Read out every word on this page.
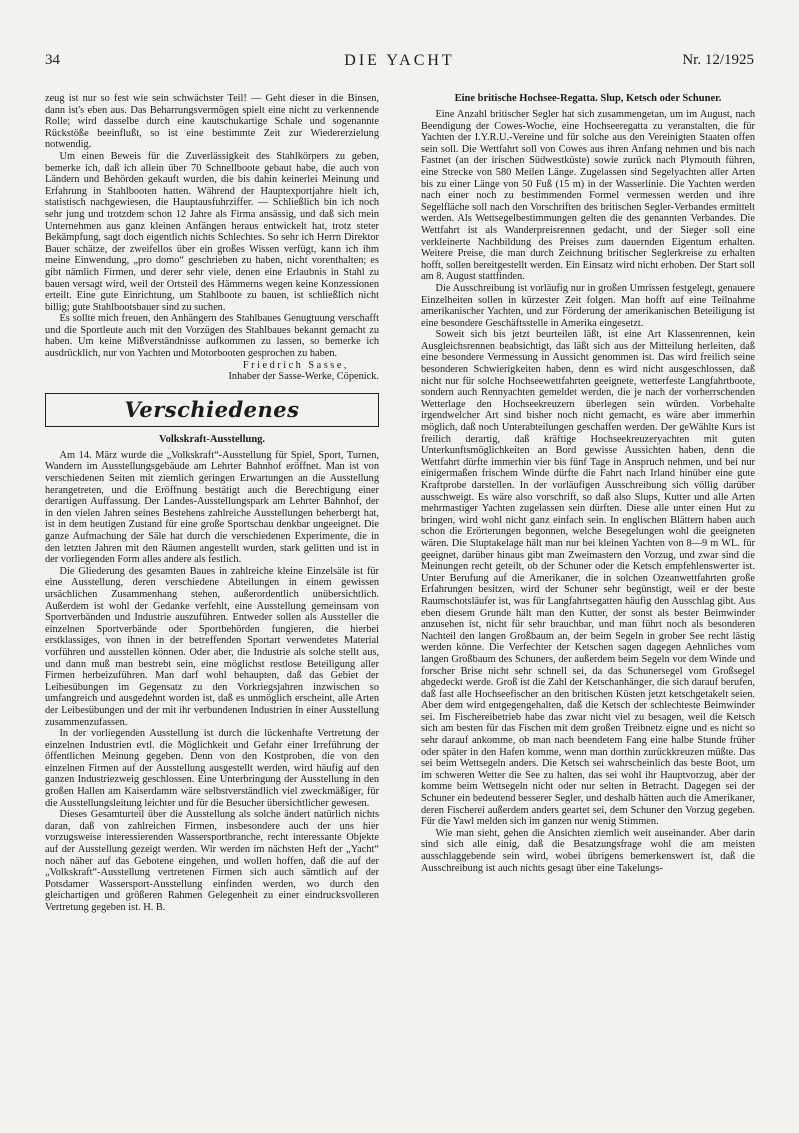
34	DIE YACHT	Nr. 12/1925

zeug ist nur so fest wie sein schwächster Teil! — Geht dieser in die Binsen, dann ist's eben aus. Das Beharrungsvermögen spielt eine nicht zu verkennende Rolle; wird dasselbe durch eine kautschukartige Schale und sogenannte Rückstöße beeinflußt, so ist eine bestimmte Zeit zur Wiedererzielung notwendig.

Um einen Beweis für die Zuverlässigkeit des Stahlkörpers zu geben, bemerke ich, daß ich allein über 70 Schnellboote gebaut habe, die auch von Ländern und Behörden gekauft wurden, die bis dahin keinerlei Meinung und Erfahrung in Stahlbooten hatten. Während der Hauptexportjahre hielt ich, statistisch nachgewiesen, die Hauptausfuhrziffer. — Schließlich bin ich noch sehr jung und trotzdem schon 12 Jahre als Firma ansässig, und daß sich mein Unternehmen aus ganz kleinen Anfängen heraus entwickelt hat, trotz steter Bekämpfung, sagt doch eigentlich nichts Schlechtes. So sehr ich Herrn Direktor Bauer schätze, der zweifellos über ein großes Wissen verfügt, kann ich ihm meine Einwendung, „pro domo“ geschrieben zu haben, nicht vorenthalten; es gibt nämlich Firmen, und derer sehr viele, denen eine Erlaubnis in Stahl zu bauen versagt wird, weil der Ortsteil des Hämmerns wegen keine Konzessionen erteilt. Eine gute Einrichtung, um Stahlboote zu bauen, ist schließlich nicht billig; gute Stahlbootsbauer sind zu suchen.

Es sollte mich freuen, den Anhängern des Stahlbaues Genugtuung verschafft und die Sportleute auch mit den Vorzügen des Stahlbaues bekannt gemacht zu haben. Um keine Mißverständnisse aufkommen zu lassen, so bemerke ich ausdrücklich, nur von Yachten und Motorbooten gesprochen zu haben.

Friedrich Sasse,
Inhaber der Sasse-Werke, Cöpenick.
Verschiedenes
Volkskraft-Ausstellung.

Am 14. März wurde die „Volkskraft“-Ausstellung für Spiel, Sport, Turnen, Wandern im Ausstellungsgebäude am Lehrter Bahnhof eröffnet. Man ist von verschiedenen Seiten mit ziemlich geringen Erwartungen an die Ausstellung herangetreten, und die Eröffnung bestätigt auch die Berechtigung einer derartigen Auffassung. Der Landes-Ausstellungspark am Lehrter Bahnhof, der in den vielen Jahren seines Bestehens zahlreiche Ausstellungen beherbergt hat, ist in dem heutigen Zustand für eine große Sportschau denkbar ungeeignet. Die ganze Aufmachung der Säle hat durch die verschiedenen Experimente, die in den letzten Jahren mit den Räumen angestellt wurden, stark gelitten und ist in der vorliegenden Form alles andere als festlich.

Die Gliederung des gesamten Baues in zahlreiche kleine Einzelsäle ist für eine Ausstellung, deren verschiedene Abteilungen in einem gewissen ursächlichen Zusammenhang stehen, außerordentlich unübersichtlich. Außerdem ist wohl der Gedanke verfehlt, eine Ausstellung gemeinsam von Sportverbänden und Industrie auszuführen. Entweder sollen als Aussteller die einzelnen Sportverbände oder Sportbehörden fungieren, die hierbei erstklassiges, von ihnen in der betreffenden Sportart verwendetes Material vorführen und ausstellen können. Oder aber, die Industrie als solche stellt aus, und dann muß man bestrebt sein, eine möglichst restlose Beteiligung aller Firmen herbeizuführen. Man darf wohl behaupten, daß das Gebiet der Leibesübungen im Gegensatz zu den Vorkriegsjahren inzwischen so umfangreich und ausgedehnt worden ist, daß es unmöglich erscheint, alle Arten der Leibesübungen und der mit ihr verbundenen Industrien in einer Ausstellung zusammenzufassen.

In der vorliegenden Ausstellung ist durch die lückenhafte Vertretung der einzelnen Industrien evtl. die Möglichkeit und Gefahr einer Irreführung der öffentlichen Meinung gegeben. Denn von den Kostproben, die von den einzelnen Firmen auf der Ausstellung ausgestellt werden, wird häufig auf den ganzen Industriezweig geschlossen. Eine Unterbringung der Ausstellung in den großen Hallen am Kaiserdamm wäre selbstverständlich viel zweckmäßiger, für die Ausstellungsleitung leichter und für die Besucher übersichtlicher gewesen.

Dieses Gesamturteil über die Ausstellung als solche ändert natürlich nichts daran, daß von zahlreichen Firmen, insbesondere auch der uns hier vorzugsweise interessierenden Wassersportbranche, recht interessante Objekte auf der Ausstellung gezeigt werden. Wir werden im nächsten Heft der „Yacht“ noch näher auf das Gebotene eingehen, und wollen hoffen, daß die auf der „Volkskraft“-Ausstellung vertretenen Firmen sich auch sämtlich auf der Potsdamer Wassersport-Ausstellung einfinden werden, wo durch den gleichartigen und größeren Rahmen Gelegenheit zu einer eindrucksvolleren Vertretung gegeben ist. H. B.

Eine britische Hochsee-Regatta. Slup, Ketsch oder Schuner.

Eine Anzahl britischer Segler hat sich zusammengetan, um im August, nach Beendigung der Cowes-Woche, eine Hochseeregatta zu veranstalten, die für Yachten der I.Y.R.U.-Vereine und für solche aus den Vereinigten Staaten offen sein soll. Die Wettfahrt soll von Cowes aus ihren Anfang nehmen und bis nach Fastnet (an der irischen Südwestküste) sowie zurück nach Plymouth führen, eine Strecke von 580 Meilen Länge. Zugelassen sind Segelyachten aller Arten bis zu einer Länge von 50 Fuß (15 m) in der Wasserlinie. Die Yachten werden nach einer noch zu bestimmenden Formel vermessen werden und ihre Segelfläche soll nach den Vorschriften des britischen Segler-Verbandes ermittelt werden. Als Wettsegelbestimmungen gelten die des genannten Verbandes. Die Wettfahrt ist als Wanderpreisrennen gedacht, und der Sieger soll eine verkleinerte Nachbildung des Preises zum dauernden Eigentum erhalten. Weitere Preise, die man durch Zeichnung britischer Seglerkreise zu erhalten hofft, sollen bereitgestellt werden. Ein Einsatz wird nicht erhoben. Der Start soll am 8. August stattfinden.

Die Ausschreibung ist vorläufig nur in großen Umrissen festgelegt, genauere Einzelheiten sollen in kürzester Zeit folgen. Man hofft auf eine Teilnahme amerikanischer Yachten, und zur Förderung der amerikanischen Beteiligung ist eine besondere Geschäftsstelle in Amerika eingesetzt.

Soweit sich bis jetzt beurteilen läßt, ist eine Art Klassenrennen, kein Ausgleichsrennen beabsichtigt, das läßt sich aus der Mitteilung herleiten, daß eine besondere Vermessung in Aussicht genommen ist. Das wird freilich seine besonderen Schwierigkeiten haben, denn es wird nicht ausgeschlossen, daß nicht nur für solche Hochseewettfahrten geeignete, wetterfeste Langfahrtboote, sondern auch Rennyachten gemeldet werden, die je nach der vorherrschenden Wetterlage den Hochseekreuzern überlegen sein würden. Vorbehalte irgendwelcher Art sind bisher noch nicht gemacht, es wäre aber immerhin möglich, daß noch Unterabteilungen geschaffen werden. Der geWählte Kurs ist freilich derartig, daß kräftige Hochseekreuzeryachten mit guten Unterkunftsmöglichkeiten an Bord gewisse Aussichten haben, denn die Wettfahrt dürfte immerhin vier bis fünf Tage in Anspruch nehmen, und bei nur einigermaßen frischem Winde dürfte die Fahrt nach Irland hinüber eine gute Kraftprobe darstellen. In der vorläufigen Ausschreibung sich völlig darüber ausschweigt. Es wäre also vorschrift, so daß also Slups, Kutter und alle Arten mehrmastiger Yachten zugelassen sein dürften. Diese alle unter einen Hut zu bringen, wird wohl nicht ganz einfach sein. In englischen Blättern haben auch schon die Erörterungen begonnen, welche Besegelungen wohl die geeigneten wären. Die Sluptakelage hält man nur bei kleinen Yachten von 8—9 m WL. für geeignet, darüber hinaus gibt man Zweimastern den Vorzug, und zwar sind die Meinungen recht geteilt, ob der Schuner oder die Ketsch empfehlenswerter ist. Unter Berufung auf die Amerikaner, die in solchen Ozeanwettfahrten große Erfahrungen besitzen, wird der Schuner sehr begünstigt, weil er der beste Raumschotsläufer ist, was für Langfahrtsegatten häufig den Ausschlag gibt. Aus eben diesem Grunde hält man den Kutter, der sonst als bester Beimwinder anzusehen ist, nicht für sehr brauchbar, und man führt noch als besonderen Nachteil den langen Großbaum an, der beim Segeln in grober See recht lästig werden könne. Die Verfechter der Ketschen sagen dagegen Aehnliches vom langen Großbaum des Schuners, der außerdem beim Segeln vor dem Winde und forscher Brise nicht sehr schnell sei, da das Schunersegel vom Großsegel abgedeckt werde. Groß ist die Zahl der Ketschanhänger, die sich darauf berufen, daß fast alle Hochseefischer an den britischen Küsten jetzt ketschgetakelt seien. Aber dem wird entgegengehalten, daß die Ketsch der schlechteste Beimwinder sei. Im Fischereibetrieb habe das zwar nicht viel zu besagen, weil die Ketsch sich am besten für das Fischen mit dem großen Treibnetz eigne und es nicht so sehr darauf ankomme, ob man nach beendetem Fang eine halbe Stunde früher oder später in den Hafen komme, wenn man dorthin zurückkreuzen müßte. Das sei beim Wettsegeln anders. Die Ketsch sei wahrscheinlich das beste Boot, um im schweren Wetter die See zu halten, das sei wohl ihr Hauptvorzug, aber der komme beim Wettsegeln nicht oder nur selten in Betracht. Dagegen sei der Schuner ein bedeutend besserer Segler, und deshalb hätten auch die Amerikaner, deren Fischerei außerdem anders geartet sei, dem Schuner den Vorzug gegeben. Für die Yawl melden sich im ganzen nur wenig Stimmen.

Wie man sieht, gehen die Ansichten ziemlich weit auseinander. Aber darin sind sich alle einig, daß die Besatzungsfrage wohl die am meisten ausschlaggebende sein wird, wobei übrigens bemerkenswert ist, daß die Ausschreibung ist auch nichts gesagt über eine Takelungs-
